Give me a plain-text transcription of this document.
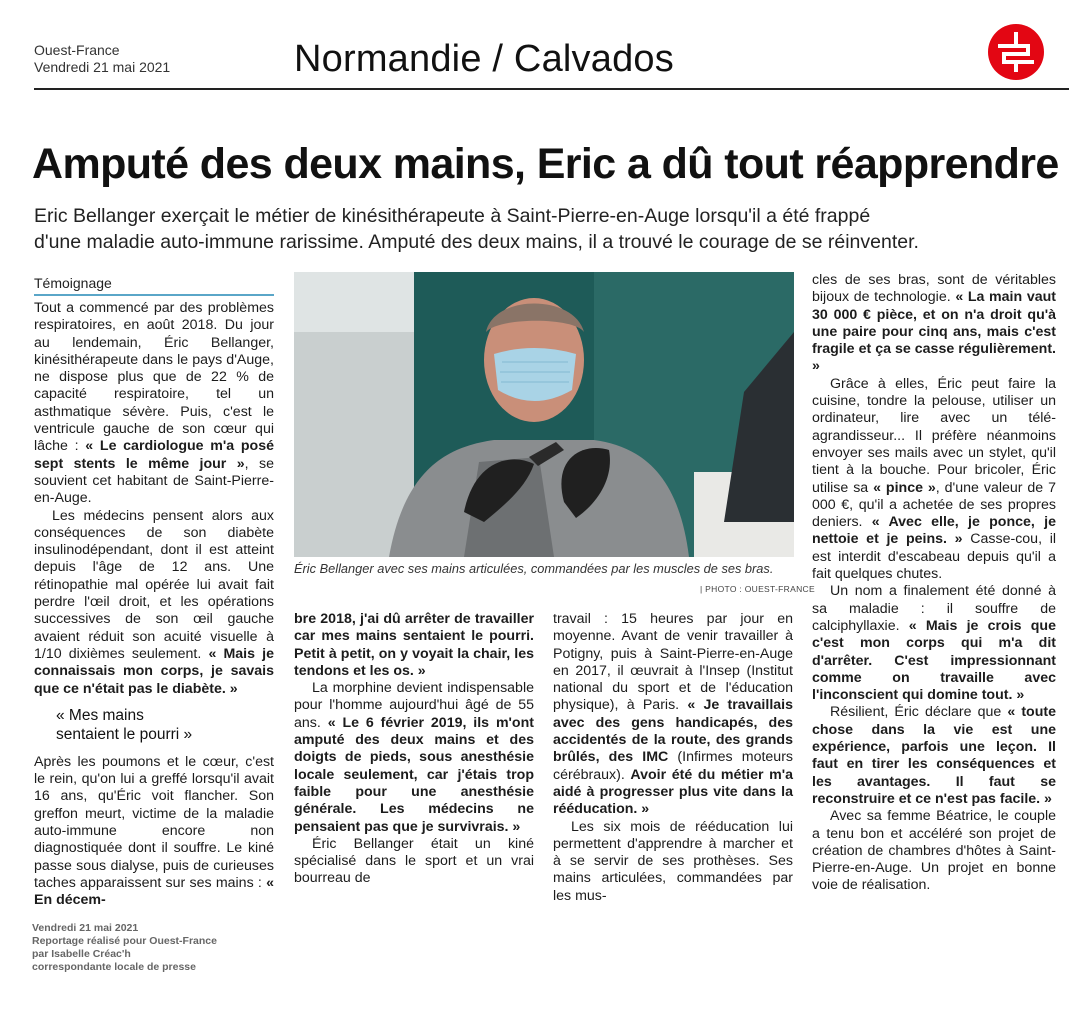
Ouest-France
Vendredi 21 mai 2021	Normandie / Calvados
Amputé des deux mains, Eric a dû tout réapprendre
Eric Bellanger exerçait le métier de kinésithérapeute à Saint-Pierre-en-Auge lorsqu'il a été frappé
d'une maladie auto-immune rarissime. Amputé des deux mains, il a trouvé le courage de se réinventer.
Témoignage

Tout a commencé par des problèmes respiratoires, en août 2018. Du jour au lendemain, Éric Bellanger, kinésithérapeute dans le pays d'Auge, ne dispose plus que de 22 % de capacité respiratoire, tel un asthmatique sévère. Puis, c'est le ventricule gauche de son cœur qui lâche : « Le cardiologue m'a posé sept stents le même jour », se souvient cet habitant de Saint-Pierre-en-Auge.

Les médecins pensent alors aux conséquences de son diabète insulinodépendant, dont il est atteint depuis l'âge de 12 ans. Une rétinopathie mal opérée lui avait fait perdre l'œil droit, et les opérations successives de son œil gauche avaient réduit son acuité visuelle à 1/10 dixièmes seulement. « Mais je connaissais mon corps, je savais que ce n'était pas le diabète. »

« Mes mains
sentaient le pourri »

Après les poumons et le cœur, c'est le rein, qu'on lui a greffé lorsqu'il avait 16 ans, qu'Éric voit flancher. Son greffon meurt, victime de la maladie auto-immune encore non diagnostiquée dont il souffre. Le kiné passe sous dialyse, puis de curieuses taches apparaissent sur ses mains : « En décem-

Éric Bellanger avec ses mains articulées, commandées par les muscles de ses bras.
| PHOTO : OUEST-FRANCE

bre 2018, j'ai dû arrêter de travailler car mes mains sentaient le pourri. Petit à petit, on y voyait la chair, les tendons et les os. »

La morphine devient indispensable pour l'homme aujourd'hui âgé de 55 ans. « Le 6 février 2019, ils m'ont amputé des deux mains et des doigts de pieds, sous anesthésie locale seulement, car j'étais trop faible pour une anesthésie générale. Les médecins ne pensaient pas que je survivrais. »

Éric Bellanger était un kiné spécialisé dans le sport et un vrai bourreau de

travail : 15 heures par jour en moyenne. Avant de venir travailler à Potigny, puis à Saint-Pierre-en-Auge en 2017, il œuvrait à l'Insep (Institut national du sport et de l'éducation physique), à Paris. « Je travaillais avec des gens handicapés, des accidentés de la route, des grands brûlés, des IMC (Infirmes moteurs cérébraux). Avoir été du métier m'a aidé à progresser plus vite dans la rééducation. »

Les six mois de rééducation lui permettent d'apprendre à marcher et à se servir de ses prothèses. Ses mains articulées, commandées par les mus-

cles de ses bras, sont de véritables bijoux de technologie. « La main vaut 30 000 € pièce, et on n'a droit qu'à une paire pour cinq ans, mais c'est fragile et ça se casse régulièrement. »

Grâce à elles, Éric peut faire la cuisine, tondre la pelouse, utiliser un ordinateur, lire avec un télé-agrandisseur... Il préfère néanmoins envoyer ses mails avec un stylet, qu'il tient à la bouche. Pour bricoler, Éric utilise sa « pince », d'une valeur de 7 000 €, qu'il a achetée de ses propres deniers. « Avec elle, je ponce, je nettoie et je peins. » Casse-cou, il est interdit d'escabeau depuis qu'il a fait quelques chutes.

Un nom a finalement été donné à sa maladie : il souffre de calciphyllaxie. « Mais je crois que c'est mon corps qui m'a dit d'arrêter. C'est impressionnant comme on travaille avec l'inconscient qui domine tout. »

Résilient, Éric déclare que « toute chose dans la vie est une expérience, parfois une leçon. Il faut en tirer les conséquences et les avantages. Il faut se reconstruire et ce n'est pas facile. »

Avec sa femme Béatrice, le couple a tenu bon et accéléré son projet de création de chambres d'hôtes à Saint-Pierre-en-Auge. Un projet en bonne voie de réalisation.

Vendredi 21 mai 2021
Reportage réalisé pour Ouest-France
par Isabelle Créac'h
correspondante locale de presse
